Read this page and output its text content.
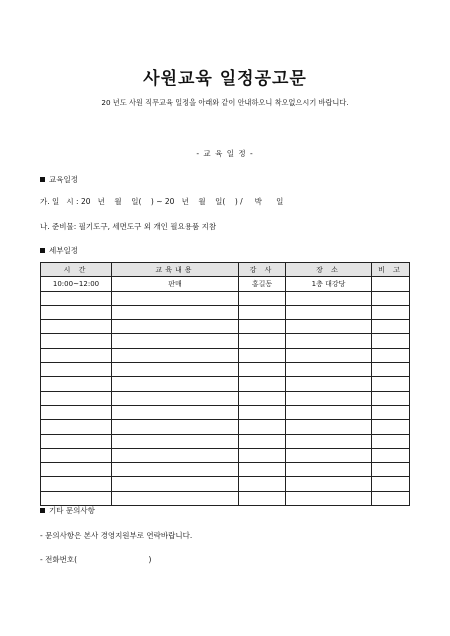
사원교육 일정공고문
20 년도 사원 직무교육 일정을 아래와 같이 안내하오니 착오없으시기 바랍니다.
- 교 육 일 정 -
교육일정
가. 일   시 : 20   년    월    일(    ) ~ 20   년    월    일(    ) /     박      일
나. 준비물: 필기도구, 세면도구 외 개인 필요용품 지참
세부일정
시 간	교육내용	강 사	장 소	비 고
10:00~12:00	판매	홍길동	1층 대강당	

기타 문의사항
- 문의사항은 본사 경영지원부로 연락바랍니다.
- 전화번호(                              )
